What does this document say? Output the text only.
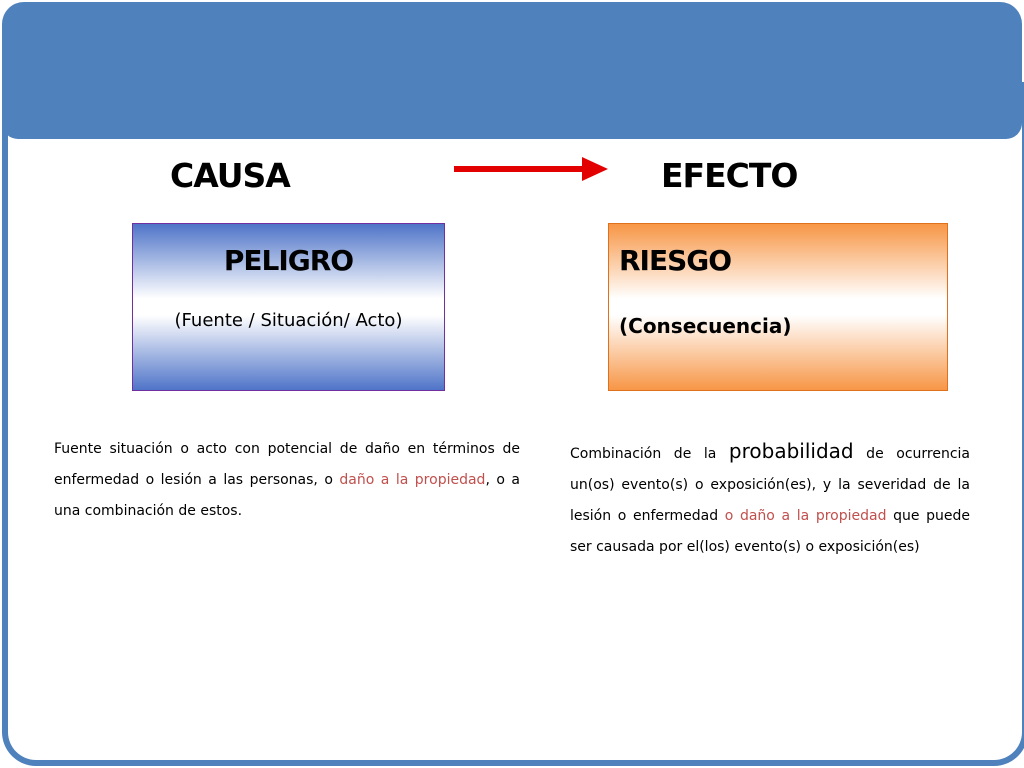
CAUSA	EFECTO
PELIGRO
(Fuente / Situación/ Acto)
RIESGO
(Consecuencia)
Fuente situación o acto con potencial de daño en términos de enfermedad o lesión a las personas, o daño a la propiedad, o a una combinación de estos.
Combinación de la probabilidad de ocurrencia un(os) evento(s) o exposición(es), y la severidad de la lesión o enfermedad o daño a la propiedad que puede ser causada por el(los) evento(s) o exposición(es)
